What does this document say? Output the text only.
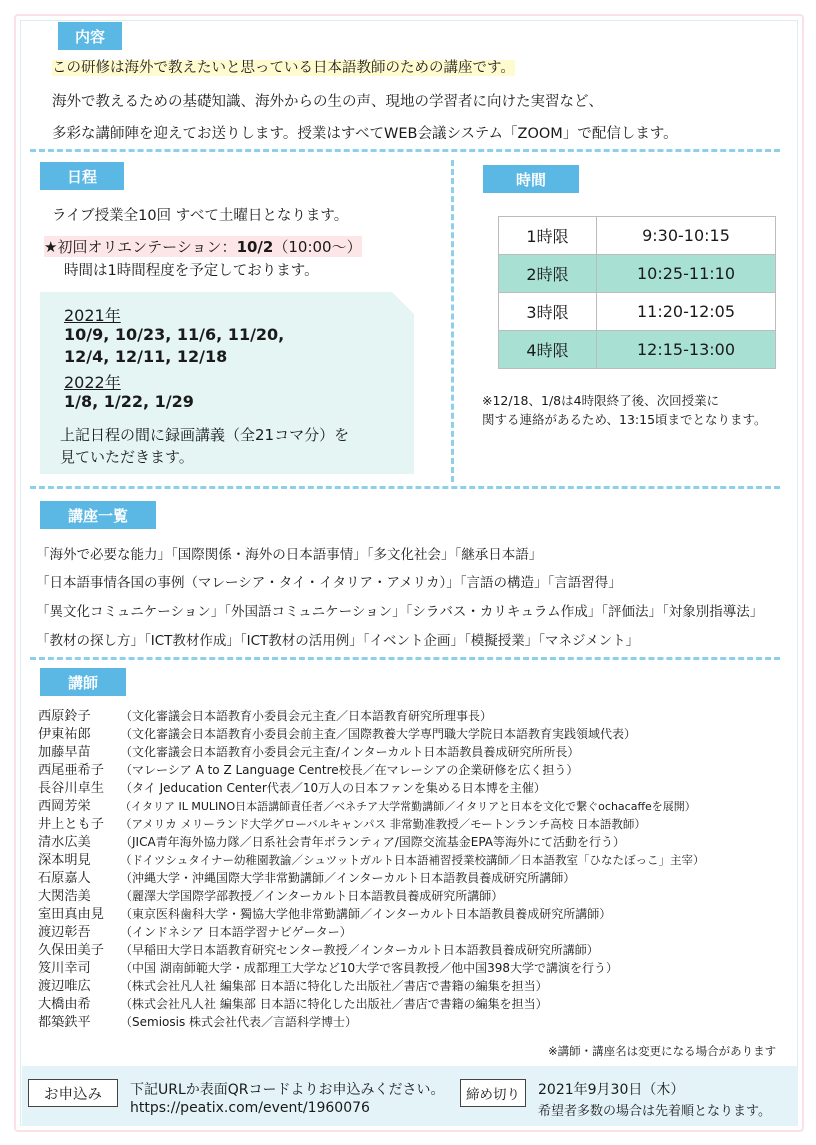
内容
この研修は海外で教えたいと思っている日本語教師のための講座です。
海外で教えるための基礎知識、海外からの生の声、現地の学習者に向けた実習など、
多彩な講師陣を迎えてお送りします。授業はすべてWEB会議システム「ZOOM」で配信します。
日程
ライブ授業全10回 すべて土曜日となります。
★初回オリエンテーション：10/2（10:00～）
時間は1時間程度を予定しております。
2021年
10/9, 10/23, 11/6, 11/20,
12/4, 12/11, 12/18
2022年
1/8, 1/22, 1/29
上記日程の間に録画講義（全21コマ分）を
見ていただきます。
時間
1時限	9:30-10:15
2時限	10:25-11:10
3時限	11:20-12:05
4時限	12:15-13:00
※12/18、1/8は4時限終了後、次回授業に
関する連絡があるため、13:15頃までとなります。
講座一覧
「海外で必要な能力」「国際関係・海外の日本語事情」「多文化社会」「継承日本語」
「日本語事情各国の事例（マレーシア・タイ・イタリア・アメリカ）」「言語の構造」「言語習得」
「異文化コミュニケーション」「外国語コミュニケーション」「シラバス・カリキュラム作成」「評価法」「対象別指導法」
「教材の探し方」「ICT教材作成」「ICT教材の活用例」「イベント企画」「模擬授業」「マネジメント」
講師
西原鈴子 （文化審議会日本語教育小委員会元主査／日本語教育研究所理事長）
伊東祐郎 （文化審議会日本語教育小委員会前主査／国際教養大学専門職大学院日本語教育実践領域代表）
加藤早苗 （文化審議会日本語教育小委員会元主査/インターカルト日本語教員養成研究所所長）
西尾亜希子 （マレーシア A to Z Language Centre校長／在マレーシアの企業研修を広く担う）
長谷川卓生 （タイ Jeducation Center代表／10万人の日本ファンを集める日本博を主催）
西岡芳栄	（イタリア IL MULINO日本語講師責任者／ベネチア大学常勤講師／イタリアと日本を文化で繋ぐochacaffeを展開）
井上とも子 （アメリカ メリーランド大学グローバルキャンパス 非常勤准教授／モートンランチ高校 日本語教師）
清水広美 （JICA青年海外協力隊／日系社会青年ボランティア/国際交流基金EPA等海外にて活動を行う）
深本明見	（ドイツシュタイナー幼稚園教諭／シュツットガルト日本語補習授業校講師／日本語教室「ひなたぼっこ」主宰）
石原嘉人 （沖縄大学・沖縄国際大学非常勤講師／インターカルト日本語教員養成研究所講師）
大関浩美 （麗澤大学国際学部教授／インターカルト日本語教員養成研究所講師）
室田真由見 （東京医科歯科大学・獨協大学他非常勤講師／インターカルト日本語教員養成研究所講師）
渡辺彰吾 （インドネシア 日本語学習ナビゲーター）
久保田美子 （早稲田大学日本語教育研究センター教授／インターカルト日本語教員養成研究所講師）
笈川幸司 （中国 湖南師範大学・成都理工大学など10大学で客員教授／他中国398大学で講演を行う）
渡辺唯広 （株式会社凡人社 編集部 日本語に特化した出版社／書店で書籍の編集を担当）
大橋由希 （株式会社凡人社 編集部 日本語に特化した出版社／書店で書籍の編集を担当）
都築鉄平 （Semiosis 株式会社代表／言語科学博士）
※講師・講座名は変更になる場合があります
お申込み	下記URLか表面QRコードよりお申込みください。
https://peatix.com/event/1960076
締め切り	2021年9月30日（木）
希望者多数の場合は先着順となります。
